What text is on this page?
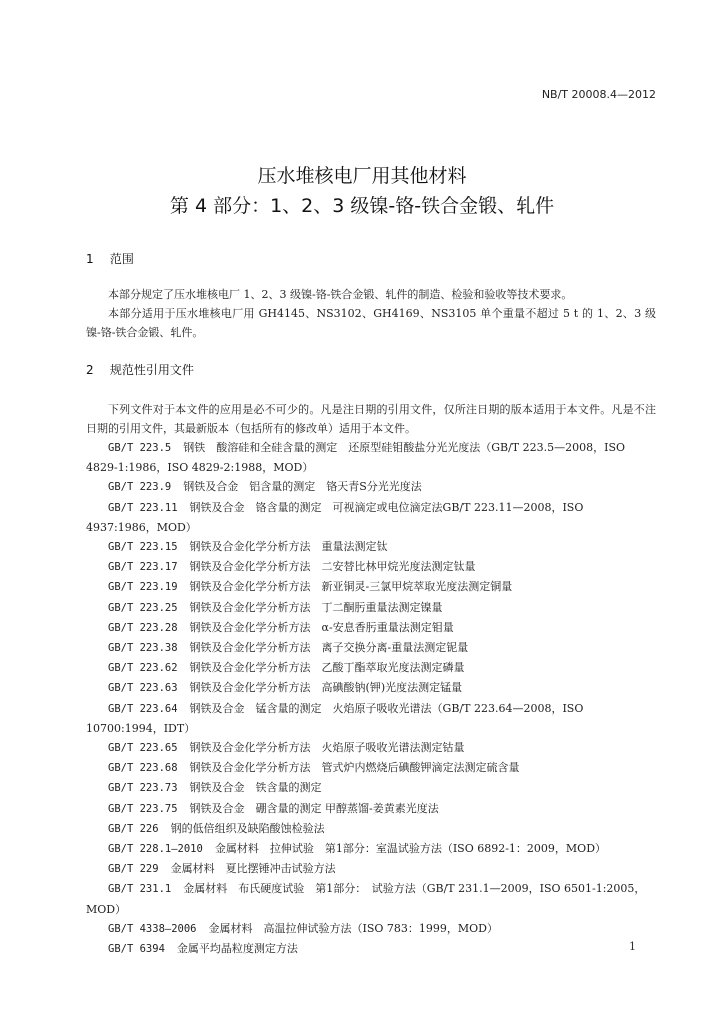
NB/T 20008.4—2012
压水堆核电厂用其他材料
第 4 部分：1、2、3 级镍-铬-铁合金锻、轧件
1 范围

本部分规定了压水堆核电厂 1、2、3 级镍-铬-铁合金锻、轧件的制造、检验和验收等技术要求。

本部分适用于压水堆核电厂用 GH4145、NS3102、GH4169、NS3105 单个重量不超过 5 t 的 1、2、3 级镍-铬-铁合金锻、轧件。

2 规范性引用文件

下列文件对于本文件的应用是必不可少的。凡是注日期的引用文件，仅所注日期的版本适用于本文件。凡是不注日期的引用文件，其最新版本（包括所有的修改单）适用于本文件。

GB/T 223.5 钢铁　酸溶硅和全硅含量的测定　还原型硅钼酸盐分光光度法（GB/T 223.5—2008，ISO 4829-1:1986，ISO 4829-2:1988，MOD）
GB/T 223.9 钢铁及合金　铝含量的测定　铬天青S分光光度法
GB/T 223.11 钢铁及合金　铬含量的测定　可视滴定或电位滴定法GB/T 223.11—2008，ISO 4937:1986，MOD）
GB/T 223.15 钢铁及合金化学分析方法　重量法测定钛
GB/T 223.17 钢铁及合金化学分析方法　二安替比林甲烷光度法测定钛量
GB/T 223.19 钢铁及合金化学分析方法　新亚铜灵-三氯甲烷萃取光度法测定铜量
GB/T 223.25 钢铁及合金化学分析方法　丁二酮肟重量法测定镍量
GB/T 223.28 钢铁及合金化学分析方法　α-安息香肟重量法测定钼量
GB/T 223.38 钢铁及合金化学分析方法　离子交换分离-重量法测定铌量
GB/T 223.62 钢铁及合金化学分析方法　乙酸丁酯萃取光度法测定磷量
GB/T 223.63 钢铁及合金化学分析方法　高碘酸钠(钾)光度法测定锰量
GB/T 223.64 钢铁及合金　锰含量的测定　火焰原子吸收光谱法（GB/T 223.64—2008，ISO 10700:1994，IDT）
GB/T 223.65 钢铁及合金化学分析方法　火焰原子吸收光谱法测定钴量
GB/T 223.68 钢铁及合金化学分析方法　管式炉内燃烧后碘酸钾滴定法测定硫含量
GB/T 223.73 钢铁及合金　铁含量的测定
GB/T 223.75 钢铁及合金　硼含量的测定 甲醇蒸馏-姜黄素光度法
GB/T 226 钢的低倍组织及缺陷酸蚀检验法
GB/T 228.1—2010 金属材料　拉伸试验　第1部分：室温试验方法（ISO 6892-1：2009，MOD）
GB/T 229 金属材料　夏比摆锤冲击试验方法
GB/T 231.1 金属材料　布氏硬度试验　第1部分：　试验方法（GB/T 231.1—2009，ISO 6501-1:2005，MOD）
GB/T 4338—2006 金属材料　高温拉伸试验方法（ISO 783：1999，MOD）
GB/T 6394 金属平均晶粒度测定方法	1
